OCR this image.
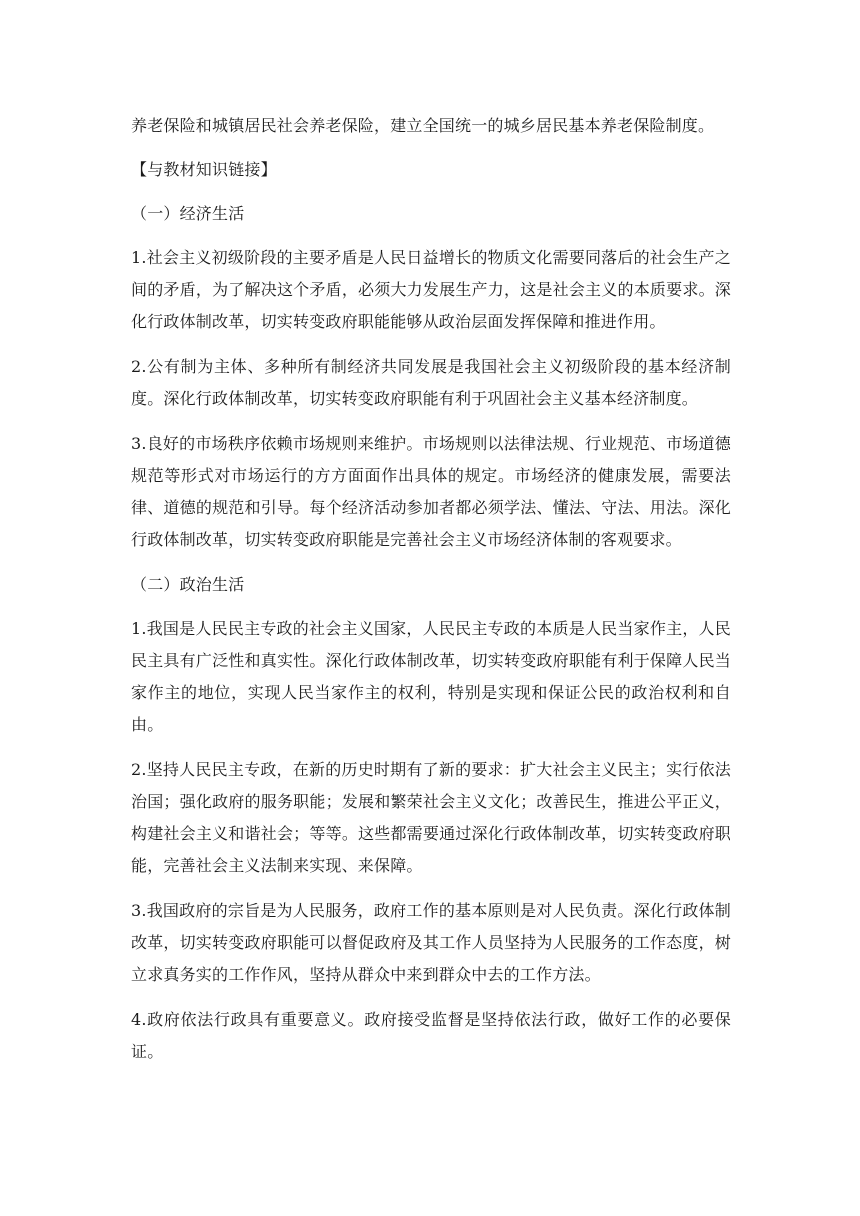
养老保险和城镇居民社会养老保险，建立全国统一的城乡居民基本养老保险制度。

【与教材知识链接】

（一）经济生活

1.社会主义初级阶段的主要矛盾是人民日益增长的物质文化需要同落后的社会生产之间的矛盾，为了解决这个矛盾，必须大力发展生产力，这是社会主义的本质要求。深化行政体制改革，切实转变政府职能能够从政治层面发挥保障和推进作用。

2.公有制为主体、多种所有制经济共同发展是我国社会主义初级阶段的基本经济制度。深化行政体制改革，切实转变政府职能有利于巩固社会主义基本经济制度。

3.良好的市场秩序依赖市场规则来维护。市场规则以法律法规、行业规范、市场道德规范等形式对市场运行的方方面面作出具体的规定。市场经济的健康发展，需要法律、道德的规范和引导。每个经济活动参加者都必须学法、懂法、守法、用法。深化行政体制改革，切实转变政府职能是完善社会主义市场经济体制的客观要求。

（二）政治生活

1.我国是人民民主专政的社会主义国家，人民民主专政的本质是人民当家作主，人民民主具有广泛性和真实性。深化行政体制改革，切实转变政府职能有利于保障人民当家作主的地位，实现人民当家作主的权利，特别是实现和保证公民的政治权利和自由。

2.坚持人民民主专政，在新的历史时期有了新的要求：扩大社会主义民主；实行依法治国；强化政府的服务职能；发展和繁荣社会主义文化；改善民生，推进公平正义，构建社会主义和谐社会；等等。这些都需要通过深化行政体制改革，切实转变政府职能，完善社会主义法制来实现、来保障。

3.我国政府的宗旨是为人民服务，政府工作的基本原则是对人民负责。深化行政体制改革，切实转变政府职能可以督促政府及其工作人员坚持为人民服务的工作态度，树立求真务实的工作作风，坚持从群众中来到群众中去的工作方法。

4.政府依法行政具有重要意义。政府接受监督是坚持依法行政，做好工作的必要保证。
